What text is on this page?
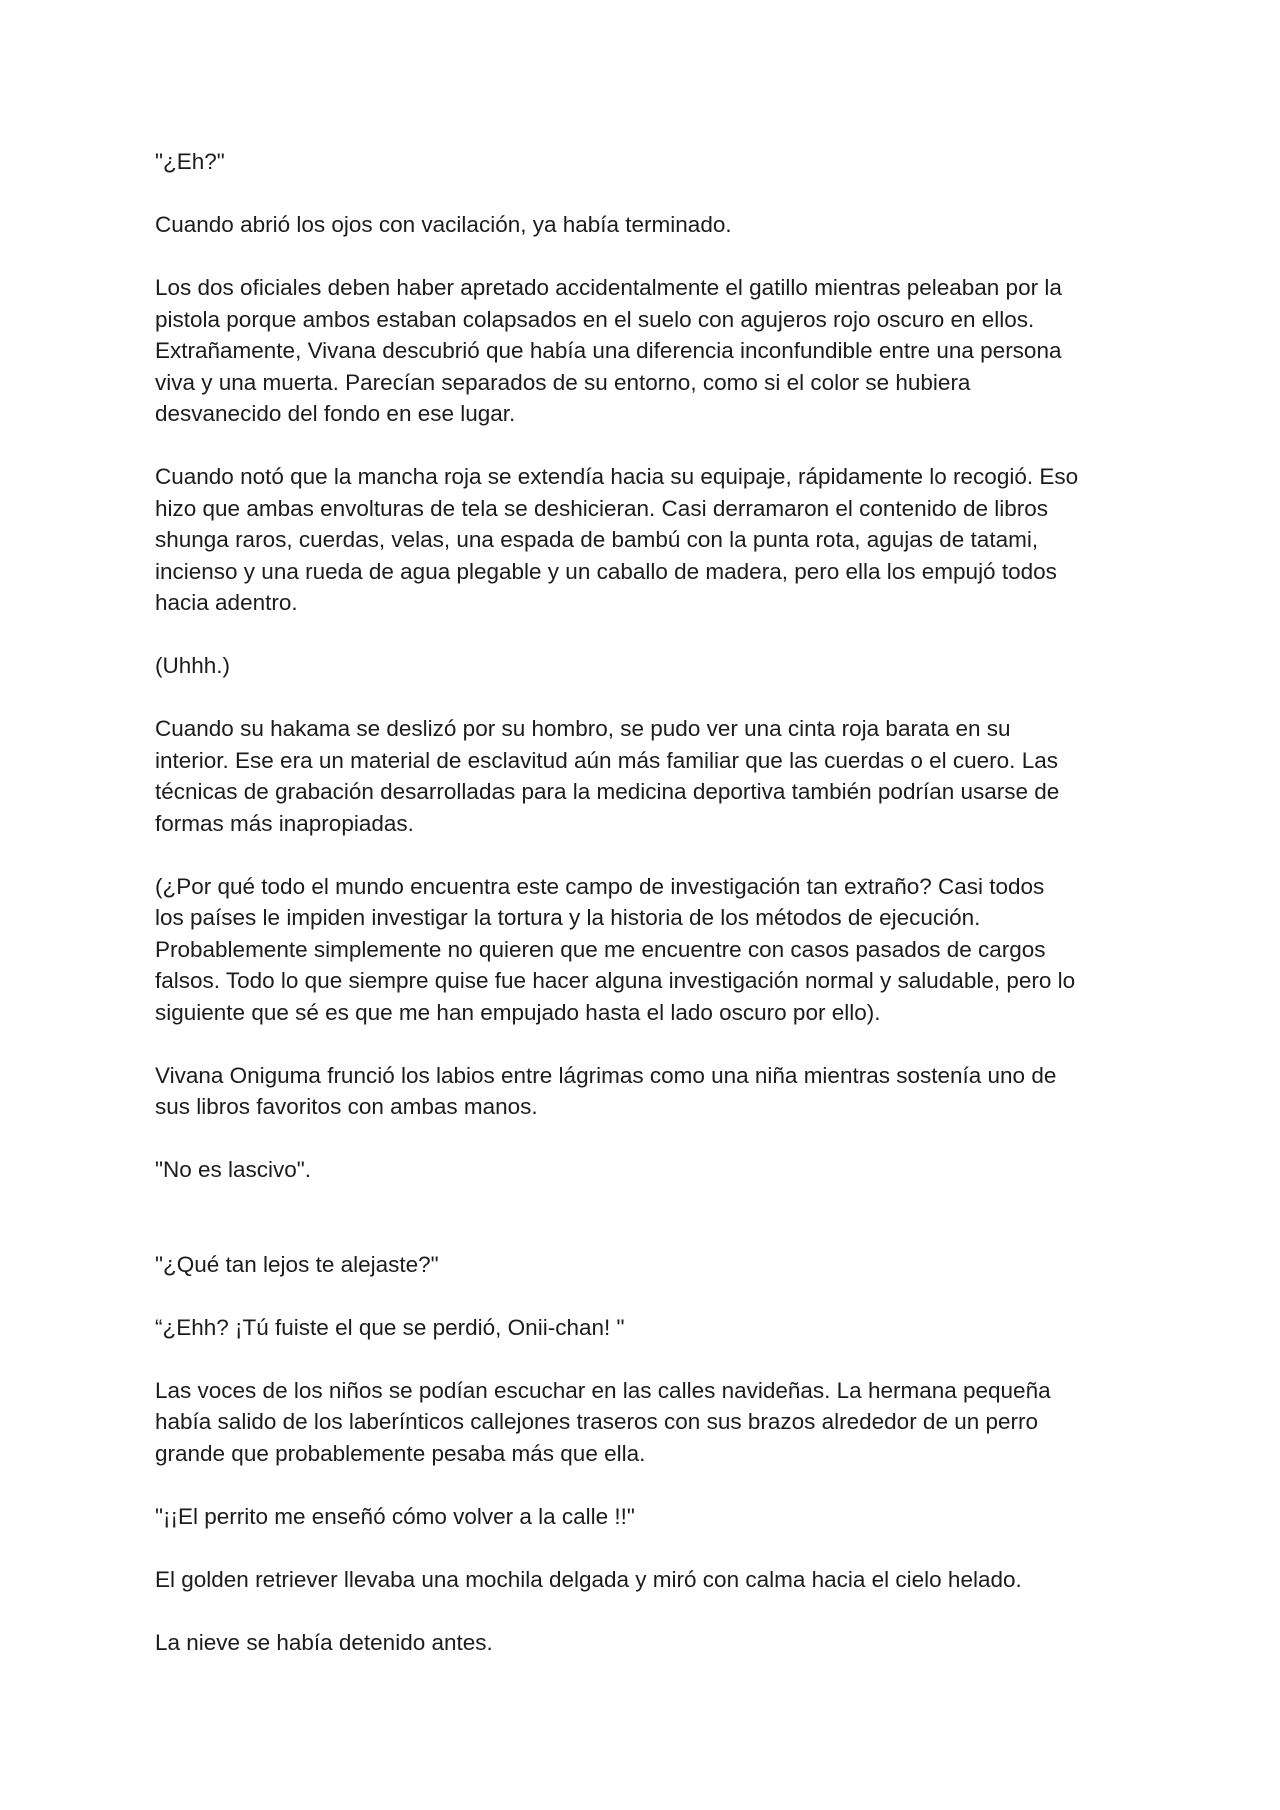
"¿Eh?"

Cuando abrió los ojos con vacilación, ya había terminado.

Los dos oficiales deben haber apretado accidentalmente el gatillo mientras peleaban por la
pistola porque ambos estaban colapsados en el suelo con agujeros rojo oscuro en ellos.
Extrañamente, Vivana descubrió que había una diferencia inconfundible entre una persona
viva y una muerta. Parecían separados de su entorno, como si el color se hubiera
desvanecido del fondo en ese lugar.

Cuando notó que la mancha roja se extendía hacia su equipaje, rápidamente lo recogió. Eso
hizo que ambas envolturas de tela se deshicieran. Casi derramaron el contenido de libros
shunga raros, cuerdas, velas, una espada de bambú con la punta rota, agujas de tatami,
incienso y una rueda de agua plegable y un caballo de madera, pero ella los empujó todos
hacia adentro.

(Uhhh.)

Cuando su hakama se deslizó por su hombro, se pudo ver una cinta roja barata en su
interior. Ese era un material de esclavitud aún más familiar que las cuerdas o el cuero. Las
técnicas de grabación desarrolladas para la medicina deportiva también podrían usarse de
formas más inapropiadas.

(¿Por qué todo el mundo encuentra este campo de investigación tan extraño? Casi todos
los países le impiden investigar la tortura y la historia de los métodos de ejecución.
Probablemente simplemente no quieren que me encuentre con casos pasados de cargos
falsos. Todo lo que siempre quise fue hacer alguna investigación normal y saludable, pero lo
siguiente que sé es que me han empujado hasta el lado oscuro por ello).

Vivana Oniguma frunció los labios entre lágrimas como una niña mientras sostenía uno de
sus libros favoritos con ambas manos.

"No es lascivo".

"¿Qué tan lejos te alejaste?"

“¿Ehh? ¡Tú fuiste el que se perdió, Onii-chan! "

Las voces de los niños se podían escuchar en las calles navideñas. La hermana pequeña
había salido de los laberínticos callejones traseros con sus brazos alrededor de un perro
grande que probablemente pesaba más que ella.

"¡¡El perrito me enseñó cómo volver a la calle !!"

El golden retriever llevaba una mochila delgada y miró con calma hacia el cielo helado.

La nieve se había detenido antes.
